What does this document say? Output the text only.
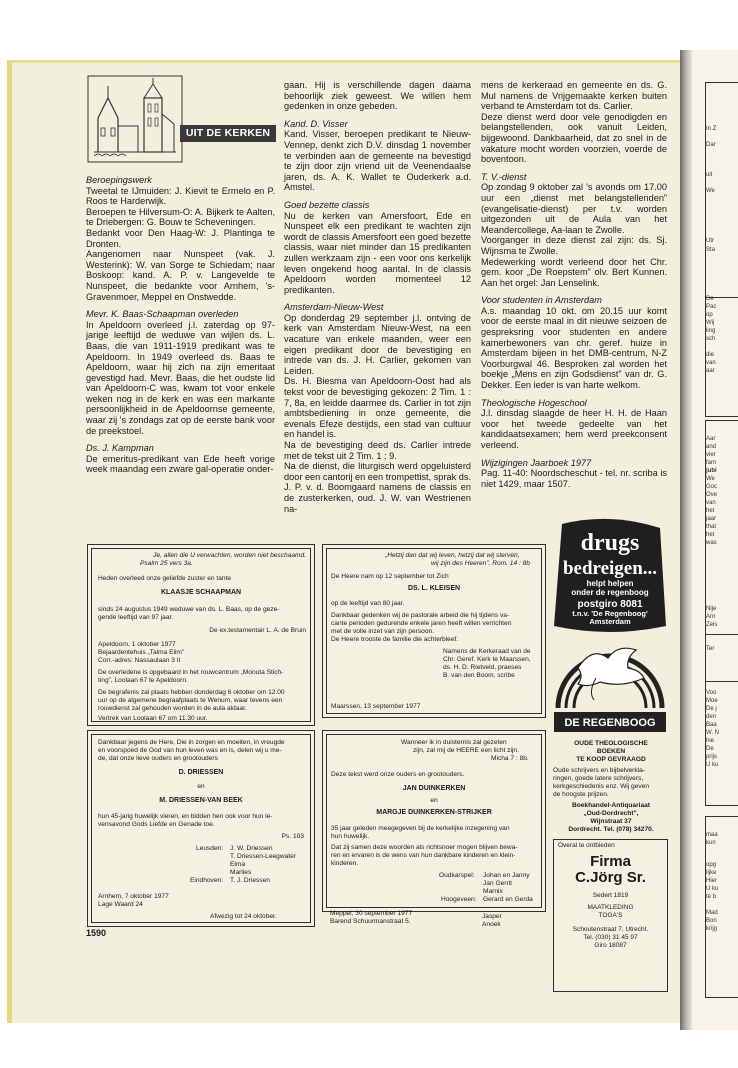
In Z
Dar
uit
We
Utr
Sta
De
Pac
op
Wij
ling
sch
die
van
aar
Aar
and
vier
fam
jubi
We
Goc
Ove
van
het
jaar
that
het
was
Nije
Arn
Zeis
Ter
Voo
Moe
De j
den
Baa
W. N
hie
De
prijs
U ku
maa
kun
opg
lijke
Hier
U ku
te b
Mad
Bon
krijg
UIT DE KERKEN

Beroepingswerk

Tweetal te IJmuiden: J. Kievit te Ermelo en P. Roos te Harderwijk.

Beroepen te Hilversum-O: A. Bijkerk te Aalten, te Driebergen: G. Bouw te Scheveningen.

Bedankt voor Den Haag-W: J. Plantinga te Dronten.

Aangenomen naar Nunspeet (vak. J. Westerink): W. van Sorge te Schiedam; naar Boskoop: kand. A. P. v. Langevelde te Nunspeet, die bedankte voor Arnhem, 's-Gravenmoer, Meppel en Onstwedde.

Mevr. K. Baas-Schaapman overleden

In Apeldoorn overleed j.l. zaterdag op 97-jarige leeftijd de weduwe van wijlen ds. L. Baas, die van 1911-1919 predikant was te Apeldoorn. In 1949 overleed ds. Baas te Apeldoorn, waar hij zich na zijn emeritaat gevestigd had. Mevr. Baas, die het oudste lid van Apeldoorn-C was, kwam tot voor enkele weken nog in de kerk en was een markante persoonlijkheid in de Apeldoornse gemeente, waar zij 's zondags zat op de eerste bank voor de preekstoel.

Ds. J. Kampman

De emeritus-predikant van Ede heeft vorige week maandag een zware gal-operatie onder-

gaan. Hij is verschillende dagen daarna behoorlijk ziek geweest. We willen hem gedenken in onze gebeden.

Kand. D. Visser

Kand. Visser, beroepen predikant te Nieuw-Vennep, denkt zich D.V. dinsdag 1 november te verbinden aan de gemeente na bevestigd te zijn door zijn vriend uit de Veenendaalse jaren, ds. A. K. Wallet te Ouderkerk a.d. Amstel.

Goed bezette classis

Nu de kerken van Amersfoort, Ede en Nunspeet elk een predikant te wachten zijn wordt de classis Amersfoort een goed bezette classis, waar niet minder dan 15 predikanten zullen werkzaam zijn - een voor ons kerkelijk leven ongekend hoog aantal. In de classis Apeldoorn worden momenteel 12 predikanten.

Amsterdam-Nieuw-West

Op donderdag 29 september j.l. ontving de kerk van Amsterdam Nieuw-West, na een vacature van enkele maanden, weer een eigen predikant door de bevestiging en intrede van ds. J. H. Carlier, gekomen van Leiden.

Ds. H. Biesma van Apeldoorn-Oost had als tekst voor de bevestiging gekozen: 2 Tim. 1 : 7, 8a, en leidde daarmee ds. Carlier in tot zijn ambtsbediening in onze gemeente, die evenals Efeze destijds, een stad van cultuur en handel is.

Na de bevestiging deed ds. Carlier intrede met de tekst uit 2 Tim. 1 : 9.

Na de dienst, die liturgisch werd opgeluisterd door een cantorij en een trompettist, sprak ds. J. P. v. d. Boomgaard namens de classis en de zusterkerken, oud. J. W. van Westrienen na-

mens de kerkeraad en gemeente en ds. G. Mul namens de Vrijgemaakte kerken buiten verband te Amsterdam tot ds. Carlier.

Deze dienst werd door vele genodigden en belangstellenden, ook vanuit Leiden, bijgewoond. Dankbaarheid, dat zo snel in de vakature mocht worden voorzien, voerde de boventoon.

T. V.-dienst

Op zondag 9 oktober zal 's avonds om 17.00 uur een „dienst met belangstellenden” (evangelisatie-dienst) per t.v. worden uitgezonden uit de Aula van het Meandercollege, Aa-laan te Zwolle.

Voorganger in deze dienst zal zijn: ds. Sj. Wijnsma te Zwolle.

Medewerking wordt verleend door het Chr. gem. koor „De Roepstem” olv. Bert Kunnen. Aan het orgel: Jan Lenselink.

Voor studenten in Amsterdam

A.s. maandag 10 okt. om 20.15 uur komt voor de eerste maal in dit nieuwe seizoen de gespreksring voor studenten en andere kamerbewoners van chr. geref. huize in Amsterdam bijeen in het DMB-centrum, N-Z Voorburgwal 46. Besproken zal worden het boekje „Mens en zijn Godsdienst” van dr. G. Dekker. Een ieder is van harte welkom.

Theologische Hogeschool

J.l. dinsdag slaagde de heer H. H. de Haan voor het tweede gedeelte van het kandidaatsexamen; hem werd preekconsent verleend.

Wijzigingen Jaarboek 1977

Pag. 11-40: Noordscheschut - tel. nr. scriba is niet 1429, maar 1507.

Je, allen die U verwachten, worden niet beschaamd.
Psalm 25 vers 3a.
Heden overleed onze geliefde zuster en tante
KLAASJE SCHAAPMAN
sinds 24 augustus 1949 weduwe van ds. L. Baas, op de geze-
gende leeftijd van 97 jaar.
De ex.testamentair L. A. de Bruin
Apeldoorn, 1 oktober 1977
Bejaardentehuis „Talma Elim”
Corr.-adres: Nassaulaan 3 II
De overledene is opgebaard in het rouwcentrum „Monuta Stich-
ting”, Loolaan 67 te Apeldoorn.
De begrafenis zal plaats hebben donderdag 6 oktober om 12.00
uur op de algemene begraafplaats te Wenum, waar tevens een
rouwdienst zal gehouden worden in de aula aldaar.
Vertrek van Loolaan 67 om 11.30 uur.
„Hetzij dan dat wij leven, hetzij dat wij sterven,
wij zijn des Heeren”, Rom. 14 : 8b
De Heere nam op 12 september tot Zich
DS. L. KLEISEN
op de leeftijd van 80 jaar.
Dankbaar gedenken wij de pastorale arbeid die hij tijdens va-
cante perioden gedurende enkele jaren heeft willen verrichten
met de volle inzet van zijn persoon.
De Heere trooste de familie die achterbleef.
Namens de Kerkeraad van de
Chr. Geref. Kerk te Maarssen,
ds. H. D. Rietveld, praeses
B. van den Boom, scribe
Maarssen, 13 september 1977
Dankbaar jegens de Here, Die in zorgen en moeiten, in vreugde
en voorspoed de God van hun leven was en is, delen wij u me-
de, dat onze lieve ouders en grootouders
D. DRIESSEN
en
M. DRIESSEN-VAN BEEK
hun 45-jarig huwelijk vieren, en bidden hen ook voor hun le-
vensavond Gods Liefde en Genade toe.
Ps. 103
Leusden: J. W. Driessen
T. Driessen-Leegwater
Elma
Marlies
Eindhoven: T. J. Driessen
Arnhem, 7 oktober 1977
Lage Waard 24
Afwezig tot 24 oktober.
Wanneer ik in duisternis zal gezeten
zijn, zal mij de HEERE een licht zijn.
Micha 7 : 8b.
Deze tekst werd onze ouders en grootouders.
JAN DUINKERKEN
en
MARGJE DUINKERKEN-STRIJKER
35 jaar geleden meegegeven bij de kerkelijke inzegening van
hun huwelijk.
Dat zij samen deze woorden als richtsnoer mogen blijven bewa-
ren en ervaren is de wens van hun dankbare kinderen en klein-
kinderen.
Oudkarspel: Johan en Janny
Jan Gerrit
Marnix
Hoogeveen: Gerard en Gerda
Jasper
Anoek
Meppel, 30 september 1977
Barend Schuurmanstraat 5.
drugs
bedreigen...
helpt helpen
onder de regenboog
postgiro 8081
t.n.v. 'De Regenboog'
Amsterdam
DE REGENBOOG
OUDE THEOLOGISCHE
BOEKEN
TE KOOP GEVRAAGD
Oude schrijvers en bijbelverkla-
ringen, goede latere schrijvers,
kerkgeschiedenis enz. Wij geven
de hoogste prijzen.
Boekhandel-Antiquariaat
„Oud-Dordrecht”,
Wijnstraat 37
Dordrecht. Tel. (078) 34270.
Overal te ontbieden
Firma
C.Jörg Sr.
Sedert 1819
MAATKLEDING
TOGA'S
Schoutenstraat 7, Utrecht.
Tel. (030) 31 45 97
Giro 18087
1590
